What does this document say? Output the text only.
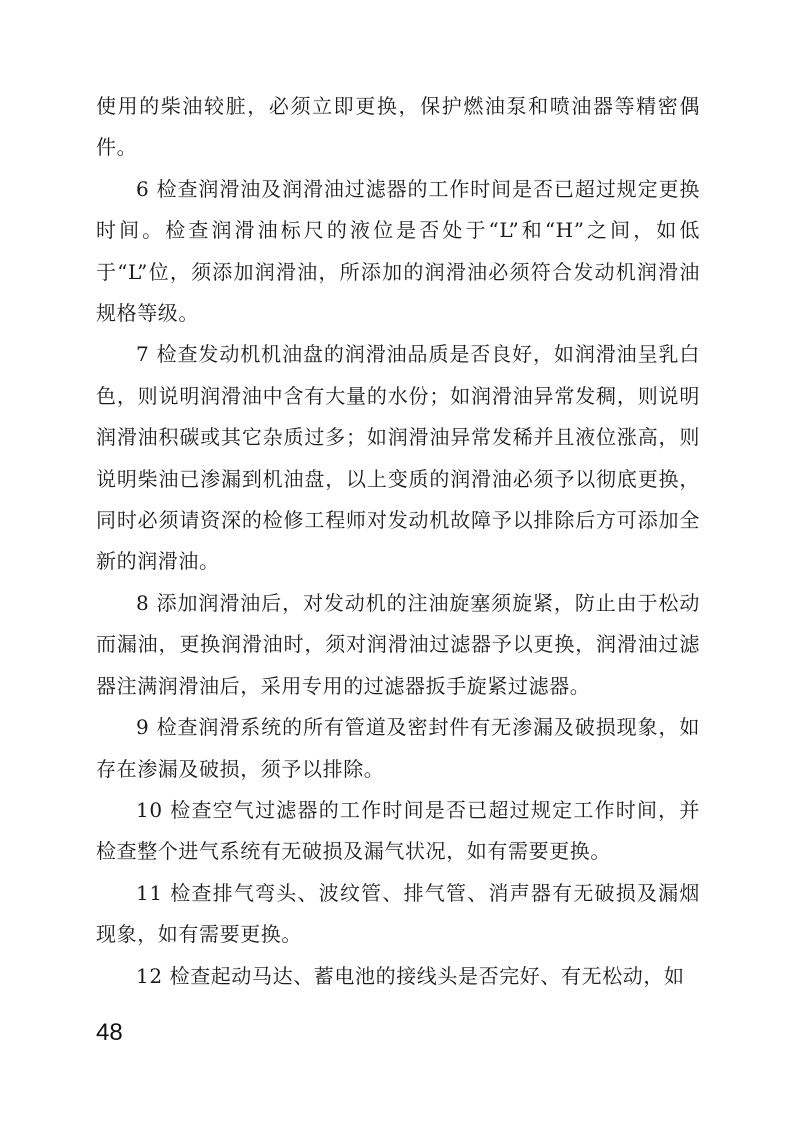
使用的柴油较脏，必须立即更换，保护燃油泵和喷油器等精密偶件。

6 检查润滑油及润滑油过滤器的工作时间是否已超过规定更换时间。检查润滑油标尺的液位是否处于“L”和“H”之间，如低于“L”位，须添加润滑油，所添加的润滑油必须符合发动机润滑油规格等级。

7 检查发动机机油盘的润滑油品质是否良好，如润滑油呈乳白色，则说明润滑油中含有大量的水份；如润滑油异常发稠，则说明润滑油积碳或其它杂质过多；如润滑油异常发稀并且液位涨高，则说明柴油已渗漏到机油盘，以上变质的润滑油必须予以彻底更换，同时必须请资深的检修工程师对发动机故障予以排除后方可添加全新的润滑油。

8 添加润滑油后，对发动机的注油旋塞须旋紧，防止由于松动而漏油，更换润滑油时，须对润滑油过滤器予以更换，润滑油过滤器注满润滑油后，采用专用的过滤器扳手旋紧过滤器。

9 检查润滑系统的所有管道及密封件有无渗漏及破损现象，如存在渗漏及破损，须予以排除。

10 检查空气过滤器的工作时间是否已超过规定工作时间，并检查整个进气系统有无破损及漏气状况，如有需要更换。

11 检查排气弯头、波纹管、排气管、消声器有无破损及漏烟现象，如有需要更换。

12 检查起动马达、蓄电池的接线头是否完好、有无松动，如

48
